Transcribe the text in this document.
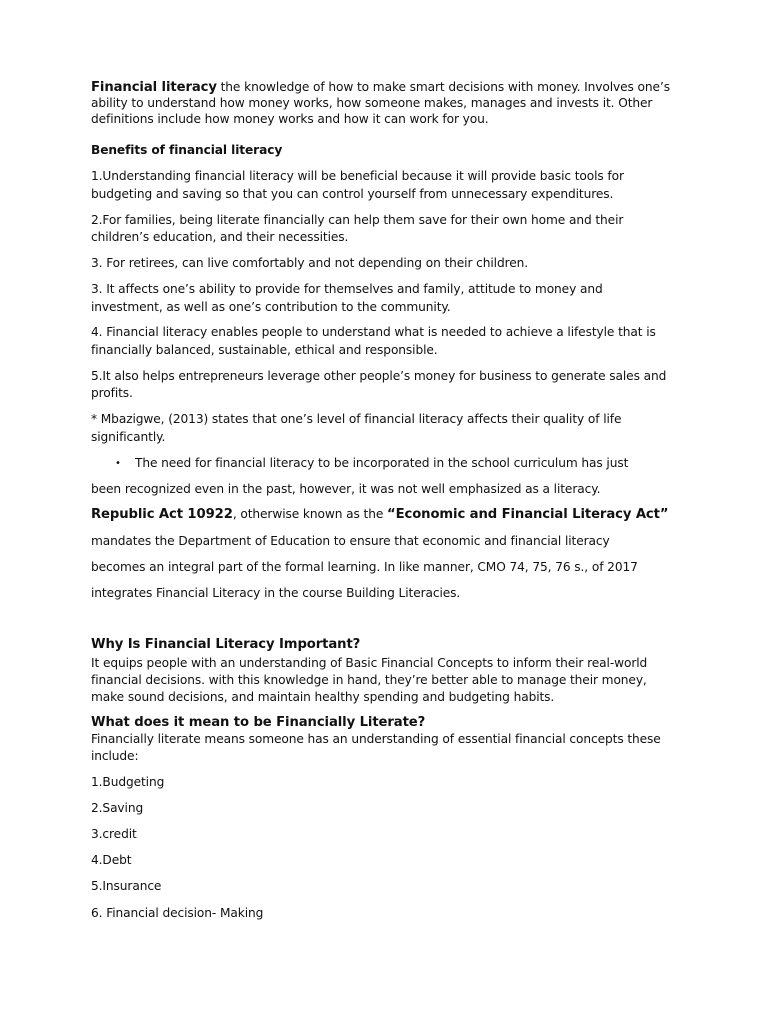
Financial literacy the knowledge of how to make smart decisions with money. Involves one’s

ability to understand how money works, how someone makes, manages and invests it. Other

definitions include how money works and how it can work for you.

Benefits of financial literacy

1.Understanding financial literacy will be beneficial because it will provide basic tools for

budgeting and saving so that you can control yourself from unnecessary expenditures.

2.For families, being literate financially can help them save for their own home and their

children’s education, and their necessities.

3. For retirees, can live comfortably and not depending on their children.

3. It affects one’s ability to provide for themselves and family, attitude to money and

investment, as well as one’s contribution to the community.

4. Financial literacy enables people to understand what is needed to achieve a lifestyle that is

financially balanced, sustainable, ethical and responsible.

5.It also helps entrepreneurs leverage other people’s money for business to generate sales and

profits.

* Mbazigwe, (2013) states that one’s level of financial literacy affects their quality of life

significantly.

• The need for financial literacy to be incorporated in the school curriculum has just

been recognized even in the past, however, it was not well emphasized as a literacy.

Republic Act 10922, otherwise known as the “Economic and Financial Literacy Act”

mandates the Department of Education to ensure that economic and financial literacy

becomes an integral part of the formal learning. In like manner, CMO 74, 75, 76 s., of 2017

integrates Financial Literacy in the course Building Literacies.

Why Is Financial Literacy Important?

It equips people with an understanding of Basic Financial Concepts to inform their real-world

financial decisions. with this knowledge in hand, they’re better able to manage their money,

make sound decisions, and maintain healthy spending and budgeting habits.

What does it mean to be Financially Literate?

Financially literate means someone has an understanding of essential financial concepts these

include:

1.Budgeting

2.Saving

3.credit

4.Debt

5.Insurance

6. Financial decision- Making
